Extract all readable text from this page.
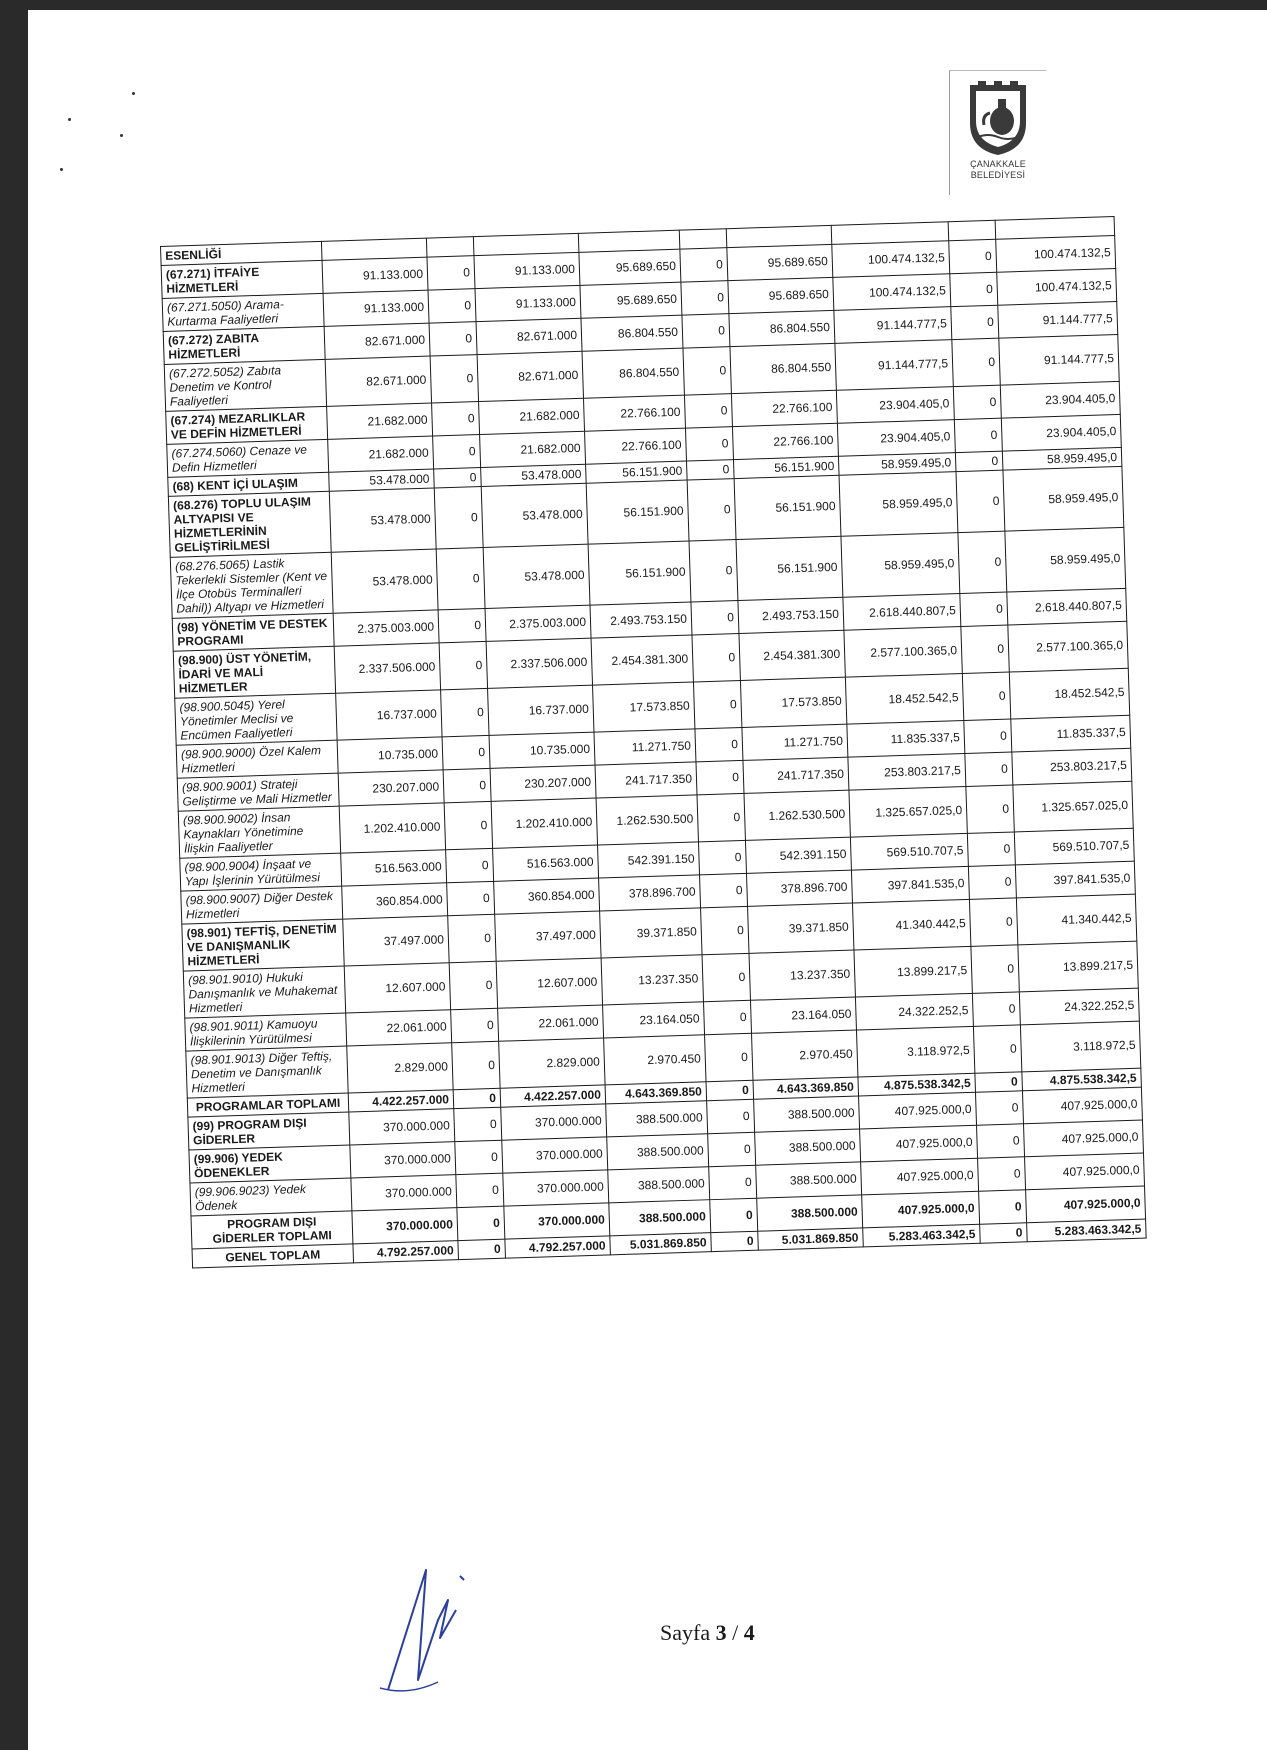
ÇANAKKALE
BELEDİYESİ
ESENLİĞİ									
(67.271) İTFAİYE HİZMETLERİ	91.133.000	0	91.133.000	95.689.650	0	95.689.650	100.474.132,5	0	100.474.132,5
(67.271.5050) Arama-Kurtarma Faaliyetleri	91.133.000	0	91.133.000	95.689.650	0	95.689.650	100.474.132,5	0	100.474.132,5
(67.272) ZABITA HİZMETLERİ	82.671.000	0	82.671.000	86.804.550	0	86.804.550	91.144.777,5	0	91.144.777,5
(67.272.5052) Zabıta Denetim ve Kontrol Faaliyetleri	82.671.000	0	82.671.000	86.804.550	0	86.804.550	91.144.777,5	0	91.144.777,5
(67.274) MEZARLIKLAR VE DEFİN HİZMETLERİ	21.682.000	0	21.682.000	22.766.100	0	22.766.100	23.904.405,0	0	23.904.405,0
(67.274.5060) Cenaze ve Defin Hizmetleri	21.682.000	0	21.682.000	22.766.100	0	22.766.100	23.904.405,0	0	23.904.405,0
(68) KENT İÇİ ULAŞIM	53.478.000	0	53.478.000	56.151.900	0	56.151.900	58.959.495,0	0	58.959.495,0
(68.276) TOPLU ULAŞIM ALTYAPISI VE HİZMETLERİNİN GELİŞTİRİLMESİ	53.478.000	0	53.478.000	56.151.900	0	56.151.900	58.959.495,0	0	58.959.495,0
(68.276.5065) Lastik Tekerlekli Sistemler (Kent ve İlçe Otobüs Terminalleri Dahil)) Altyapı ve Hizmetleri	53.478.000	0	53.478.000	56.151.900	0	56.151.900	58.959.495,0	0	58.959.495,0
(98) YÖNETİM VE DESTEK PROGRAMI	2.375.003.000	0	2.375.003.000	2.493.753.150	0	2.493.753.150	2.618.440.807,5	0	2.618.440.807,5
(98.900) ÜST YÖNETİM, İDARİ VE MALİ HİZMETLER	2.337.506.000	0	2.337.506.000	2.454.381.300	0	2.454.381.300	2.577.100.365,0	0	2.577.100.365,0
(98.900.5045) Yerel Yönetimler Meclisi ve Encümen Faaliyetleri	16.737.000	0	16.737.000	17.573.850	0	17.573.850	18.452.542,5	0	18.452.542,5
(98.900.9000) Özel Kalem Hizmetleri	10.735.000	0	10.735.000	11.271.750	0	11.271.750	11.835.337,5	0	11.835.337,5
(98.900.9001) Strateji Geliştirme ve Mali Hizmetler	230.207.000	0	230.207.000	241.717.350	0	241.717.350	253.803.217,5	0	253.803.217,5
(98.900.9002) İnsan Kaynakları Yönetimine İlişkin Faaliyetler	1.202.410.000	0	1.202.410.000	1.262.530.500	0	1.262.530.500	1.325.657.025,0	0	1.325.657.025,0
(98.900.9004) İnşaat ve Yapı İşlerinin Yürütülmesi	516.563.000	0	516.563.000	542.391.150	0	542.391.150	569.510.707,5	0	569.510.707,5
(98.900.9007) Diğer Destek Hizmetleri	360.854.000	0	360.854.000	378.896.700	0	378.896.700	397.841.535,0	0	397.841.535,0
(98.901) TEFTİŞ, DENETİM VE DANIŞMANLIK HİZMETLERİ	37.497.000	0	37.497.000	39.371.850	0	39.371.850	41.340.442,5	0	41.340.442,5
(98.901.9010) Hukuki Danışmanlık ve Muhakemat Hizmetleri	12.607.000	0	12.607.000	13.237.350	0	13.237.350	13.899.217,5	0	13.899.217,5
(98.901.9011) Kamuoyu İlişkilerinin Yürütülmesi	22.061.000	0	22.061.000	23.164.050	0	23.164.050	24.322.252,5	0	24.322.252,5
(98.901.9013) Diğer Teftiş, Denetim ve Danışmanlık Hizmetleri	2.829.000	0	2.829.000	2.970.450	0	2.970.450	3.118.972,5	0	3.118.972,5
PROGRAMLAR TOPLAMI	4.422.257.000	0	4.422.257.000	4.643.369.850	0	4.643.369.850	4.875.538.342,5	0	4.875.538.342,5
(99) PROGRAM DIŞI GİDERLER	370.000.000	0	370.000.000	388.500.000	0	388.500.000	407.925.000,0	0	407.925.000,0
(99.906) YEDEK ÖDENEKLER	370.000.000	0	370.000.000	388.500.000	0	388.500.000	407.925.000,0	0	407.925.000,0
(99.906.9023) Yedek Ödenek	370.000.000	0	370.000.000	388.500.000	0	388.500.000	407.925.000,0	0	407.925.000,0
PROGRAM DIŞI GİDERLER TOPLAMI	370.000.000	0	370.000.000	388.500.000	0	388.500.000	407.925.000,0	0	407.925.000,0
GENEL TOPLAM	4.792.257.000	0	4.792.257.000	5.031.869.850	0	5.031.869.850	5.283.463.342,5	0	5.283.463.342,5
Sayfa 3 / 4
